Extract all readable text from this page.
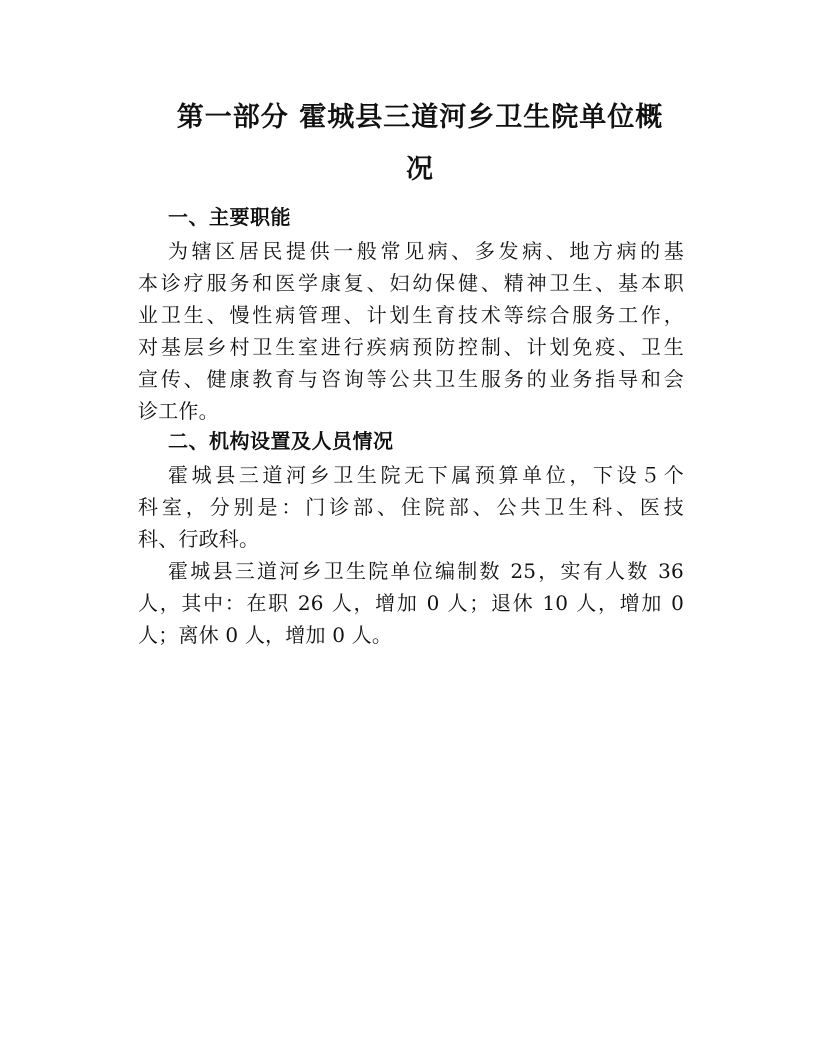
第一部分 霍城县三道河乡卫生院单位概
况
一、主要职能
为辖区居民提供一般常见病、多发病、地方病的基
本诊疗服务和医学康复、妇幼保健、精神卫生、基本职
业卫生、慢性病管理、计划生育技术等综合服务工作，
对基层乡村卫生室进行疾病预防控制、计划免疫、卫生
宣传、健康教育与咨询等公共卫生服务的业务指导和会
诊工作。
二、机构设置及人员情况
霍城县三道河乡卫生院无下属预算单位，下设５个
科室，分别是：门诊部、住院部、公共卫生科、医技
科、行政科。
霍城县三道河乡卫生院单位编制数 25，实有人数 36
人，其中：在职 26 人，增加 0 人；退休 10 人，增加 0
人；离休 0 人，增加 0 人。
